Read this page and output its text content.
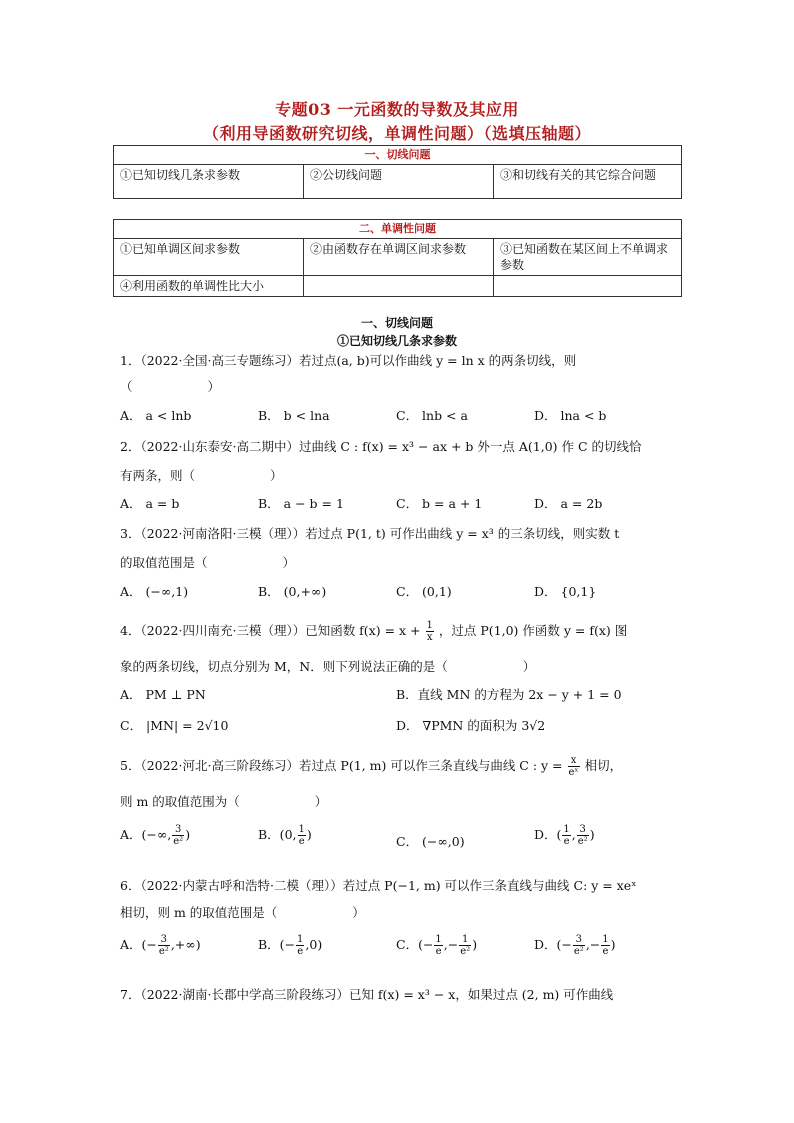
专题03 一元函数的导数及其应用
（利用导函数研究切线，单调性问题）（选填压轴题）
一、切线问题
①已知切线几条求参数	②公切线问题	③和切线有关的其它综合问题
二、单调性问题		
①已知单调区间求参数	②由函数存在单调区间求参数	③已知函数在某区间上不单调求参数
④利用函数的单调性比大小		
一、切线问题
①已知切线几条求参数
1．（2022·全国·高三专题练习）若过点(a, b)可以作曲线 y = ln x 的两条切线，则
（　　　　　　）
A． a < lnb	B． b < lna	C． lnb < a	D． lna < b
2．（2022·山东泰安·高二期中）过曲线 C : f(x) = x³ − ax + b 外一点 A(1,0) 作 C 的切线恰
有两条，则（　　　　　　）
A． a = b	B． a − b = 1	C． b = a + 1	D． a = 2b
3．（2022·河南洛阳·三模（理））若过点 P(1, t) 可作出曲线 y = x³ 的三条切线，则实数 t
的取值范围是（　　　　　　）
A． (−∞,1)	B． (0,+∞)	C． (0,1)	D． {0,1}
4．（2022·四川南充·三模（理））已知函数 $f(x) = x + \frac{1}{x}$ ，过点 P(1,0) 作函数 y = f(x) 图
象的两条切线，切点分别为 M，N．则下列说法正确的是（　　　　　　）
A． PM ⊥ PN	B．直线 MN 的方程为 2x − y + 1 = 0
C． |MN| = 2√10	D． ∇PMN 的面积为 3√2
5．（2022·河北·高三阶段练习）若过点 P(1, m) 可以作三条直线与曲线 C : $y = \frac{x}{\text{eˣ}}$ 相切，
则 m 的取值范围为（　　　　　　）
A．(−∞, $\frac{3}{\text{e²}}$ )	B．(0, $\frac{1}{e}$ )	C． (−∞,0)	D．( $\frac{1}{e}$ , $\frac{3}{\text{e²}}$ )
6．（2022·内蒙古呼和浩特·二模（理））若过点 P(−1, m) 可以作三条直线与曲线 C: y = xeˣ
相切，则 m 的取值范围是（　　　　　　）
A．(− $\frac{3}{\text{e²}}$ ,+∞)	B．(− $\frac{1}{e} ,0$)	C．(− $\frac{1}{e}$ ,− $\frac{1}{\text{e²}}$ )	D．(− $\frac{3}{\text{e²}}$ ,− $\frac{1}{e}$ )
7．（2022·湖南·长郡中学高三阶段练习）已知 f(x) = x³ − x，如果过点 (2, m) 可作曲线
